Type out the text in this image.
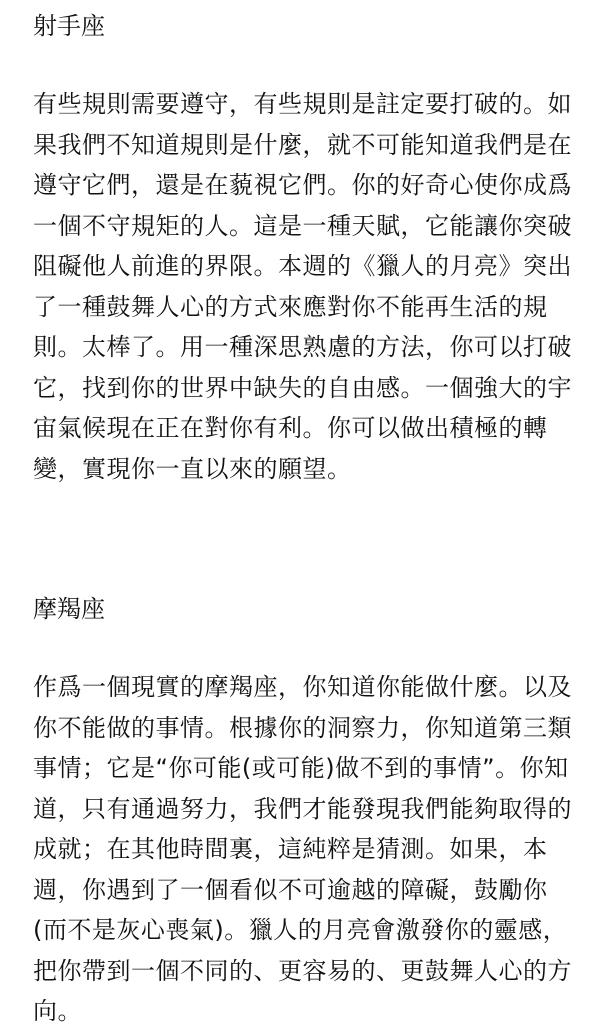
射手座
有些規則需要遵守，有些規則是註定要打破的。如
果我們不知道規則是什麼，就不可能知道我們是在
遵守它們，還是在藐視它們。你的好奇心使你成爲
一個不守規矩的人。這是一種天賦，它能讓你突破
阻礙他人前進的界限。本週的《獵人的月亮》突出
了一種鼓舞人心的方式來應對你不能再生活的規
則。太棒了。用一種深思熟慮的方法，你可以打破
它，找到你的世界中缺失的自由感。一個強大的宇
宙氣候現在正在對你有利。你可以做出積極的轉
變，實現你一直以來的願望。
摩羯座
作爲一個現實的摩羯座，你知道你能做什麼。以及
你不能做的事情。根據你的洞察力，你知道第三類
事情；它是“你可能(或可能)做不到的事情”。你知
道，只有通過努力，我們才能發現我們能夠取得的
成就；在其他時間裏，這純粹是猜測。如果，本
週，你遇到了一個看似不可逾越的障礙，鼓勵你
(而不是灰心喪氣)。獵人的月亮會激發你的靈感，
把你帶到一個不同的、更容易的、更鼓舞人心的方
向。
